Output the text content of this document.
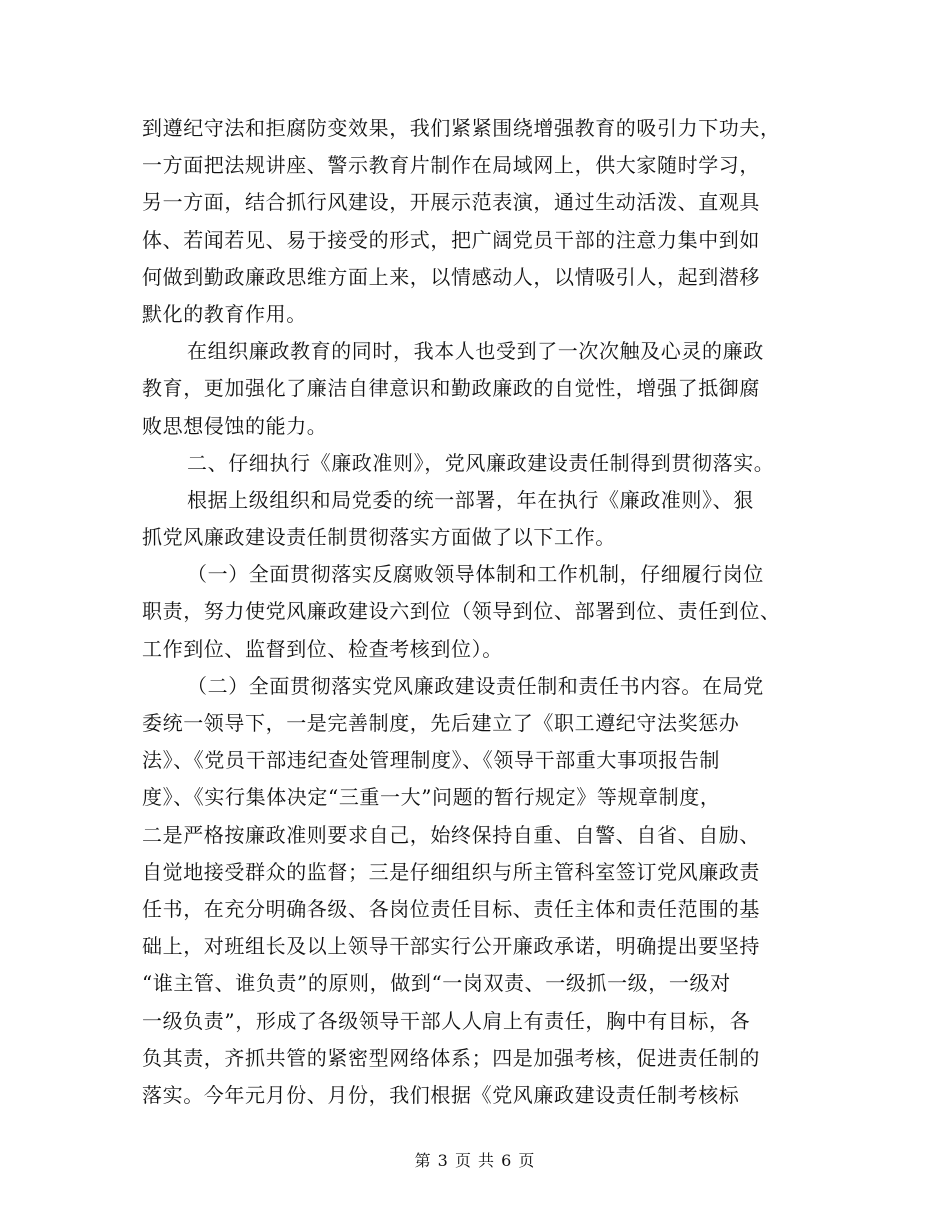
到遵纪守法和拒腐防变效果，我们紧紧围绕增强教育的吸引力下功夫，
一方面把法规讲座、警示教育片制作在局域网上，供大家随时学习，
另一方面，结合抓行风建设，开展示范表演，通过生动活泼、直观具
体、若闻若见、易于接受的形式，把广阔党员干部的注意力集中到如
何做到勤政廉政思维方面上来，以情感动人，以情吸引人，起到潜移
默化的教育作用。
在组织廉政教育的同时，我本人也受到了一次次触及心灵的廉政
教育，更加强化了廉洁自律意识和勤政廉政的自觉性，增强了抵御腐
败思想侵蚀的能力。
二、仔细执行《廉政准则》，党风廉政建设责任制得到贯彻落实。
根据上级组织和局党委的统一部署，年在执行《廉政准则》、狠
抓党风廉政建设责任制贯彻落实方面做了以下工作。
（一）全面贯彻落实反腐败领导体制和工作机制，仔细履行岗位
职责，努力使党风廉政建设六到位（领导到位、部署到位、责任到位、
工作到位、监督到位、检查考核到位）。
（二）全面贯彻落实党风廉政建设责任制和责任书内容。在局党
委统一领导下，一是完善制度，先后建立了《职工遵纪守法奖惩办
法》、《党员干部违纪查处管理制度》、《领导干部重大事项报告制
度》、《实行集体决定“三重一大”问题的暂行规定》等规章制度，
二是严格按廉政准则要求自己，始终保持自重、自警、自省、自励、
自觉地接受群众的监督；三是仔细组织与所主管科室签订党风廉政责
任书，在充分明确各级、各岗位责任目标、责任主体和责任范围的基
础上，对班组长及以上领导干部实行公开廉政承诺，明确提出要坚持
“谁主管、谁负责”的原则，做到“一岗双责、一级抓一级，一级对
一级负责”，形成了各级领导干部人人肩上有责任，胸中有目标，各
负其责，齐抓共管的紧密型网络体系；四是加强考核，促进责任制的
落实。今年元月份、月份，我们根据《党风廉政建设责任制考核标
第 3 页 共 6 页
